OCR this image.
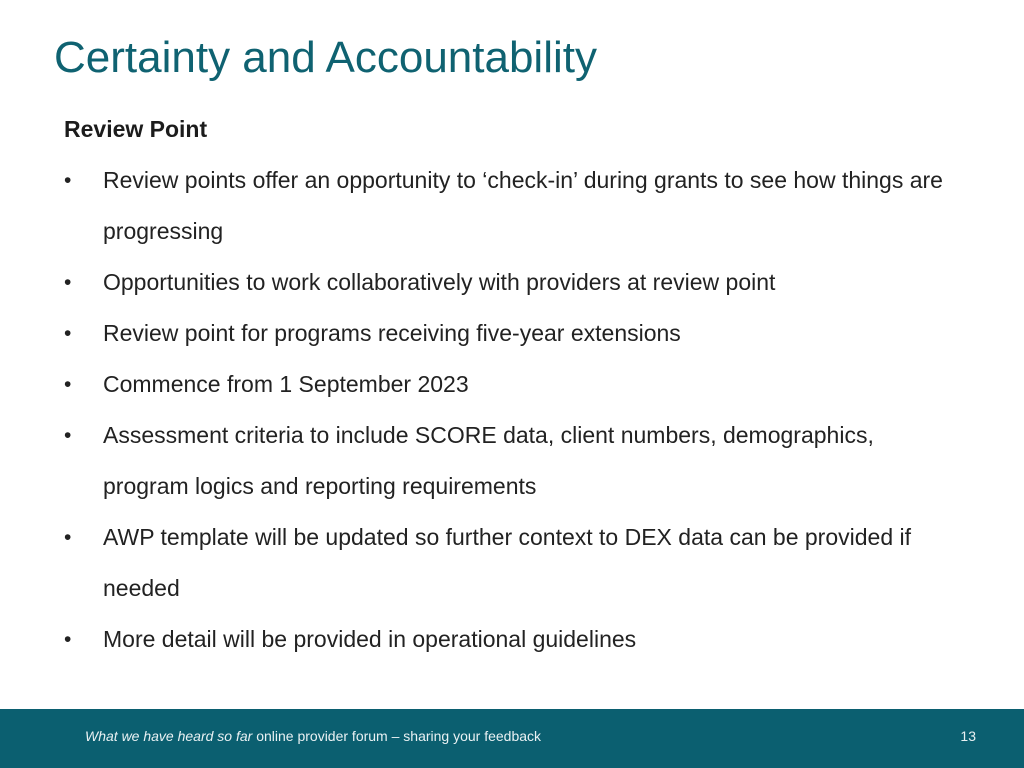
Certainty and Accountability
Review Point
• Review points offer an opportunity to ‘check-in’ during grants to see how things are progressing
• Opportunities to work collaboratively with providers at review point
• Review point for programs receiving five-year extensions
• Commence from 1 September 2023
• Assessment criteria to include SCORE data, client numbers, demographics, program logics and reporting requirements
• AWP template will be updated so further context to DEX data can be provided if needed
• More detail will be provided in operational guidelines
What we have heard so far online provider forum – sharing your feedback	13
